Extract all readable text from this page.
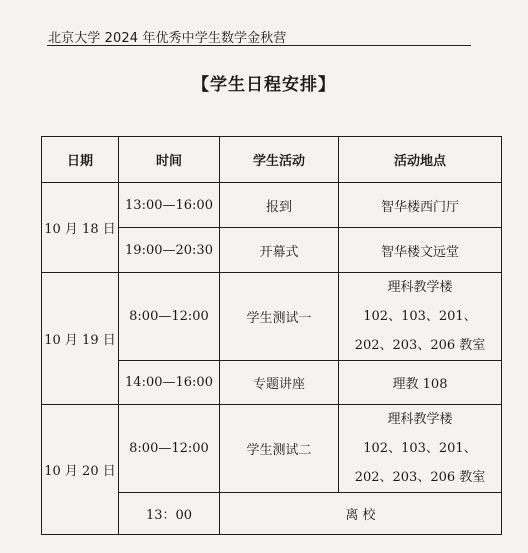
北京大学 2024 年优秀中学生数学金秋营
【学生日程安排】
日期	时间	学生活动	活动地点
10 月 18 日	13:00—16:00	报到	智华楼西门厅
	19:00—20:30	开幕式	智华楼文远堂
10 月 19 日	8:00—12:00	学生测试一	理科教学楼
102、103、201、
202、203、206 教室

	14:00—16:00	专题讲座	理教 108
10 月 20 日	8:00—12:00	学生测试二	理科教学楼
102、103、201、
202、203、206 教室

	13：00	离 校	
